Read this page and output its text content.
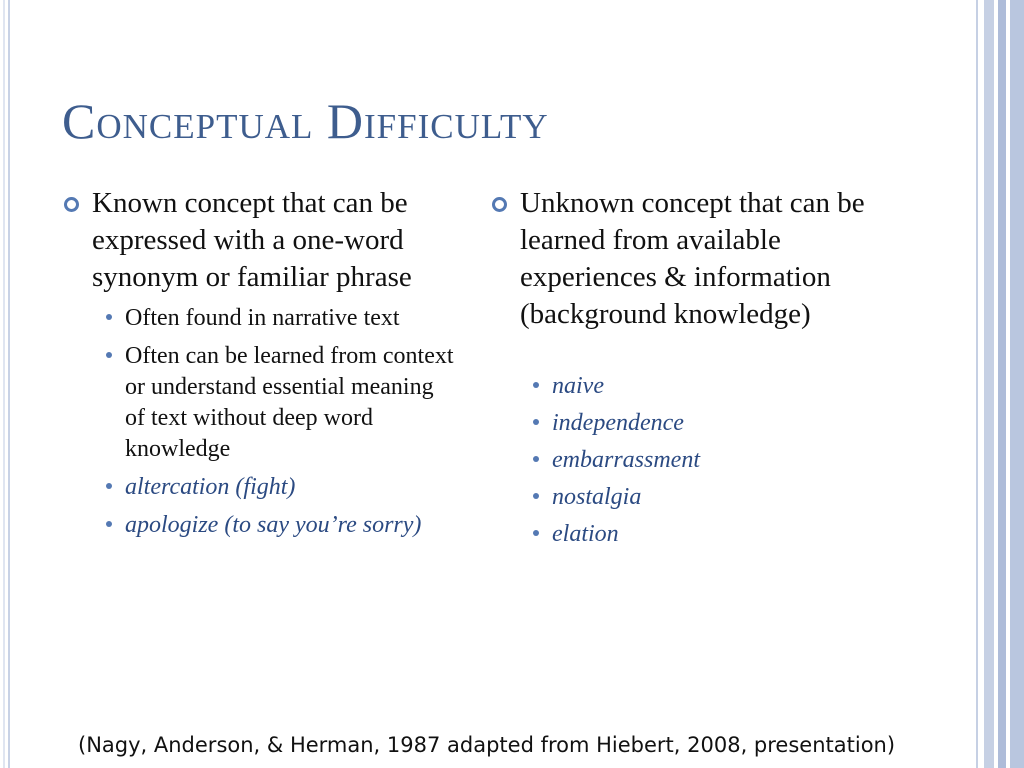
Conceptual Difficulty
Known concept that can be expressed with a one-word synonym or familiar phrase
Often found in narrative text
Often can be learned from context or understand essential meaning of text without deep word knowledge
altercation (fight)
apologize (to say you’re sorry)
Unknown concept that can be learned from available experiences & information (background knowledge)
naive
independence
embarrassment
nostalgia
elation

(Nagy, Anderson, & Herman, 1987 adapted from Hiebert, 2008, presentation)
